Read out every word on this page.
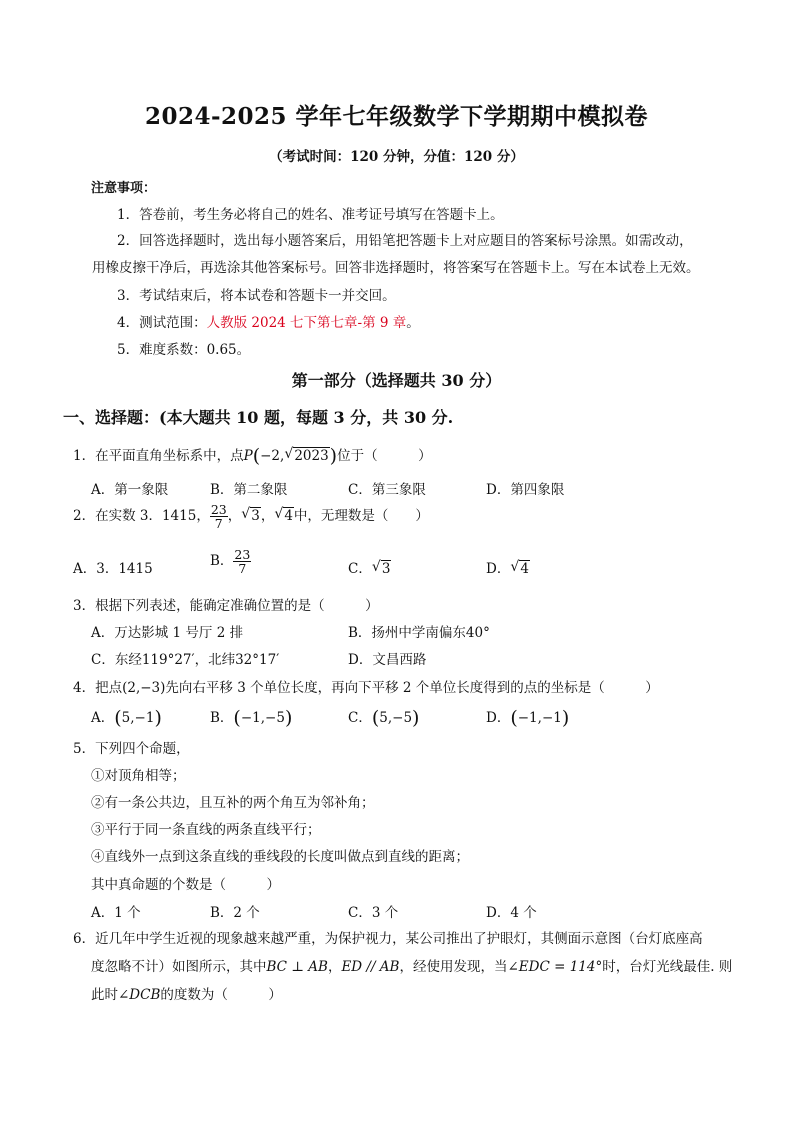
2024-2025 学年七年级数学下学期期中模拟卷
（考试时间：120 分钟，分值：120 分）
注意事项：
1．答卷前，考生务必将自己的姓名、准考证号填写在答题卡上。
2．回答选择题时，选出每小题答案后，用铅笔把答题卡上对应题目的答案标号涂黑。如需改动，
用橡皮擦干净后，再选涂其他答案标号。回答非选择题时，将答案写在答题卡上。写在本试卷上无效。
3．考试结束后，将本试卷和答题卡一并交回。
4．测试范围：人教版 2024 七下第七章-第 9 章。
5．难度系数：0.65。
第一部分（选择题共 30 分）
一、选择题：(本大题共 10 题，每题 3 分，共 30 分.
1．在平面直角坐标系中，点P(−2, √ 2023)位于（　　　）
A．第一象限	B．第二象限	C．第三象限	D．第四象限
2．在实数 3．1415， $\frac{23}{7}$ ， √ 3， √ 4中，无理数是（　　）
A．3．1415	B． $\frac{23}{7}$	C． √ 3	D． √ 4
3．根据下列表述，能确定准确位置的是（　　　）
A．万达影城 1 号厅 2 排	B．扬州中学南偏东40°
C．东经119°27′，北纬32°17′	D．文昌西路
4．把点(2,−3)先向右平移 3 个单位长度，再向下平移 2 个单位长度得到的点的坐标是（　　　）
A．(5,−1)	B．(−1,−5)	C．(5,−5)	D．(−1,−1)
5．下列四个命题，
①对顶角相等；
②有一条公共边，且互补的两个角互为邻补角；
③平行于同一条直线的两条直线平行；
④直线外一点到这条直线的垂线段的长度叫做点到直线的距离；
其中真命题的个数是（　　　）
A．1 个	B．2 个	C．3 个	D．4 个
6．近几年中学生近视的现象越来越严重，为保护视力，某公司推出了护眼灯，其侧面示意图（台灯底座高
度忽略不计）如图所示，其中BC ⊥ AB，ED // AB，经使用发现，当∠EDC = 114°时，台灯光线最佳. 则
此时∠DCB的度数为（　　　）
